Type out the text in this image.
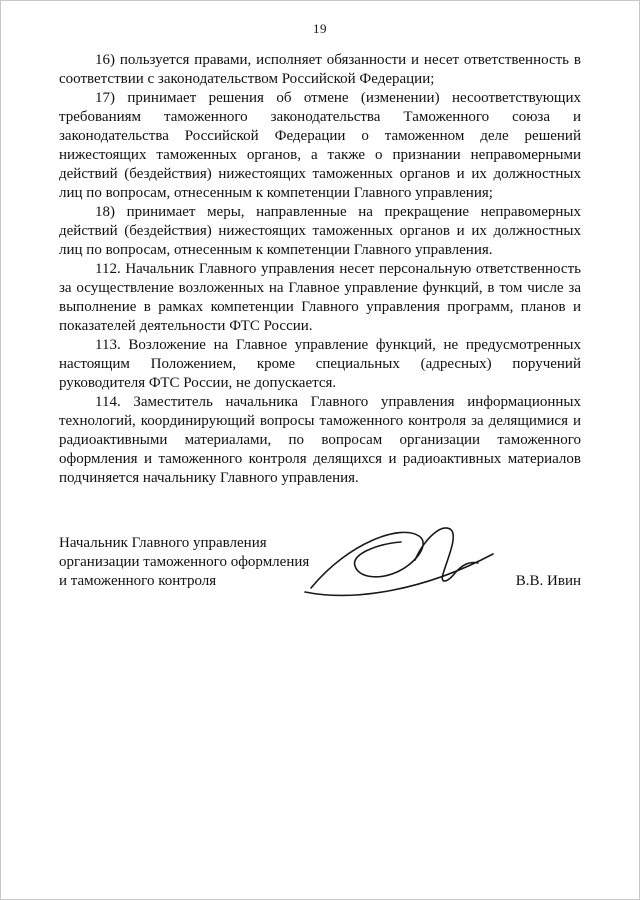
19

16) пользуется правами, исполняет обязанности и несет ответственность в соответствии с законодательством Российской Федерации;

17) принимает решения об отмене (изменении) несоответствующих требованиям таможенного законодательства Таможенного союза и законодательства Российской Федерации о таможенном деле решений нижестоящих таможенных органов, а также о признании неправомерными действий (бездействия) нижестоящих таможенных органов и их должностных лиц по вопросам, отнесенным к компетенции Главного управления;

18) принимает меры, направленные на прекращение неправомерных действий (бездействия) нижестоящих таможенных органов и их должностных лиц по вопросам, отнесенным к компетенции Главного управления.

112. Начальник Главного управления несет персональную ответственность за осуществление возложенных на Главное управление функций, в том числе за выполнение в рамках компетенции Главного управления программ, планов и показателей деятельности ФТС России.

113. Возложение на Главное управление функций, не предусмотренных настоящим Положением, кроме специальных (адресных) поручений руководителя ФТС России, не допускается.

114. Заместитель начальника Главного управления информационных технологий, координирующий вопросы таможенного контроля за делящимися и радиоактивными материалами, по вопросам организации таможенного оформления и таможенного контроля делящихся и радиоактивных материалов подчиняется начальнику Главного управления.

Начальник Главного управления
организации таможенного оформления
и таможенного контроля	В.В. Ивин
